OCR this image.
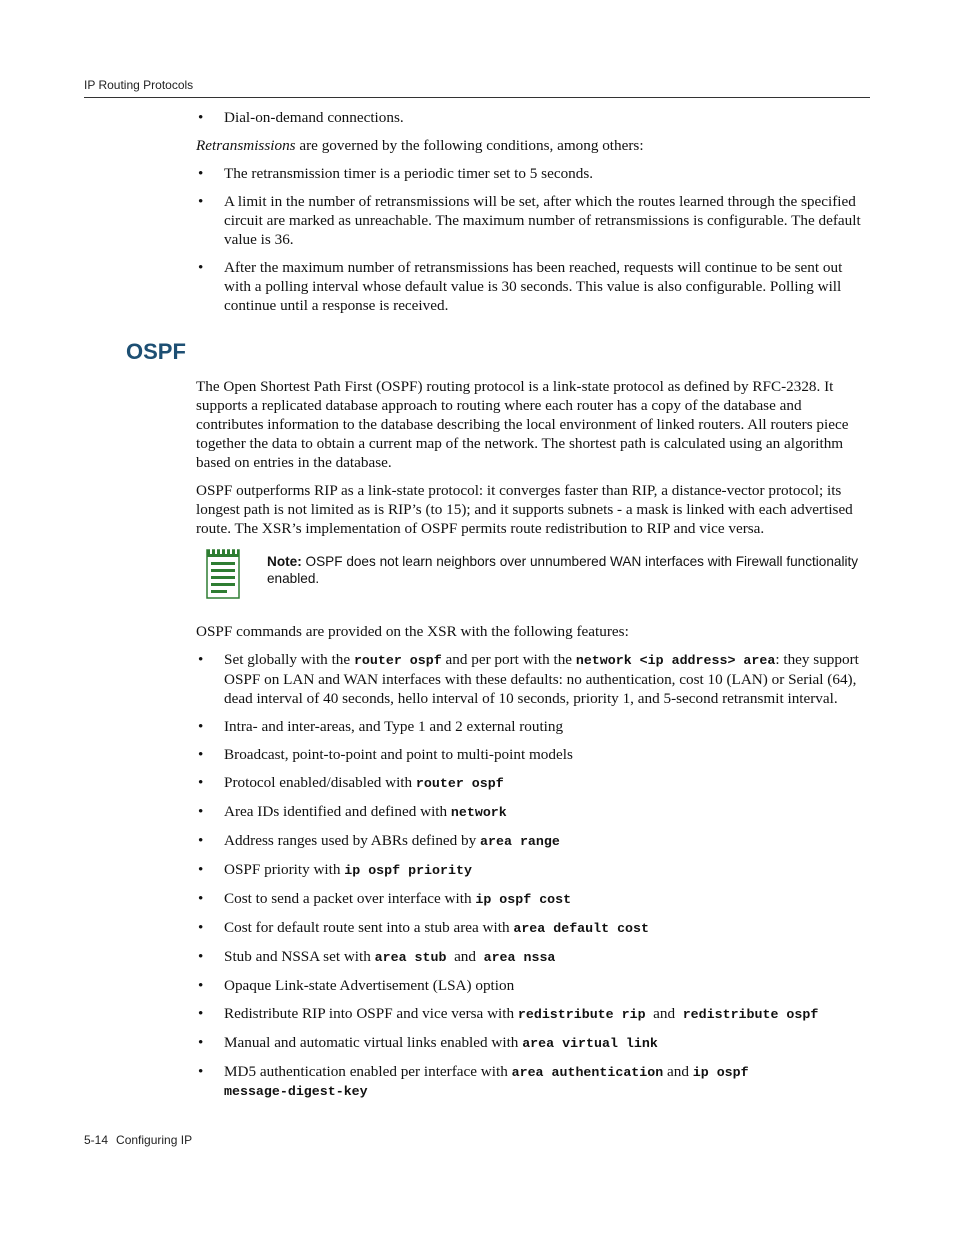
IP Routing Protocols
• Dial-on-demand connections.

Retransmissions are governed by the following conditions, among others:

• The retransmission timer is a periodic timer set to 5 seconds.
• A limit in the number of retransmissions will be set, after which the routes learned through the specified circuit are marked as unreachable. The maximum number of retransmissions is configurable. The default value is 36.
• After the maximum number of retransmissions has been reached, requests will continue to be sent out with a polling interval whose default value is 30 seconds. This value is also configurable. Polling will continue until a response is received.
OSPF

The Open Shortest Path First (OSPF) routing protocol is a link-state protocol as defined by RFC-2328. It supports a replicated database approach to routing where each router has a copy of the database and contributes information to the database describing the local environment of linked routers. All routers piece together the data to obtain a current map of the network. The shortest path is calculated using an algorithm based on entries in the database.

OSPF outperforms RIP as a link-state protocol: it converges faster than RIP, a distance-vector protocol; its longest path is not limited as is RIP’s (to 15); and it supports subnets - a mask is linked with each advertised route. The XSR’s implementation of OSPF permits route redistribution to RIP and vice versa.

Note: OSPF does not learn neighbors over unnumbered WAN interfaces with Firewall functionality enabled.

OSPF commands are provided on the XSR with the following features:

• Set globally with the router ospf and per port with the network <ip address> area: they support OSPF on LAN and WAN interfaces with these defaults: no authentication, cost 10 (LAN) or Serial (64), dead interval of 40 seconds, hello interval of 10 seconds, priority 1, and 5-second retransmit interval.
• Intra- and inter-areas, and Type 1 and 2 external routing
• Broadcast, point-to-point and point to multi-point models
• Protocol enabled/disabled with router ospf
• Area IDs identified and defined with network
• Address ranges used by ABRs defined by area range
• OSPF priority with ip ospf priority
• Cost to send a packet over interface with ip ospf cost
• Cost for default route sent into a stub area with area default cost
• Stub and NSSA set with area stub  and  area nssa
• Opaque Link-state Advertisement (LSA) option
• Redistribute RIP into OSPF and vice versa with redistribute rip  and  redistribute ospf
• Manual and automatic virtual links enabled with area virtual link
• MD5 authentication enabled per interface with area authentication and ip ospf
message-digest-key
5-14 Configuring IP
